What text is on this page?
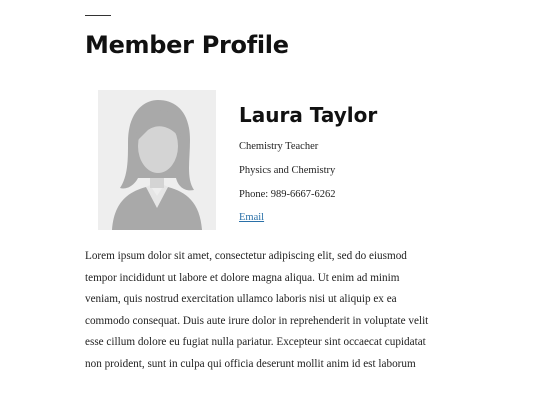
Member Profile
Laura Taylor

Chemistry Teacher

Physics and Chemistry

Phone: 989-6667-6262

Email

Lorem ipsum dolor sit amet, consectetur adipiscing elit, sed do eiusmod tempor incididunt ut labore et dolore magna aliqua. Ut enim ad minim veniam, quis nostrud exercitation ullamco laboris nisi ut aliquip ex ea commodo consequat. Duis aute irure dolor in reprehenderit in voluptate velit esse cillum dolore eu fugiat nulla pariatur. Excepteur sint occaecat cupidatat non proident, sunt in culpa qui officia deserunt mollit anim id est laborum
